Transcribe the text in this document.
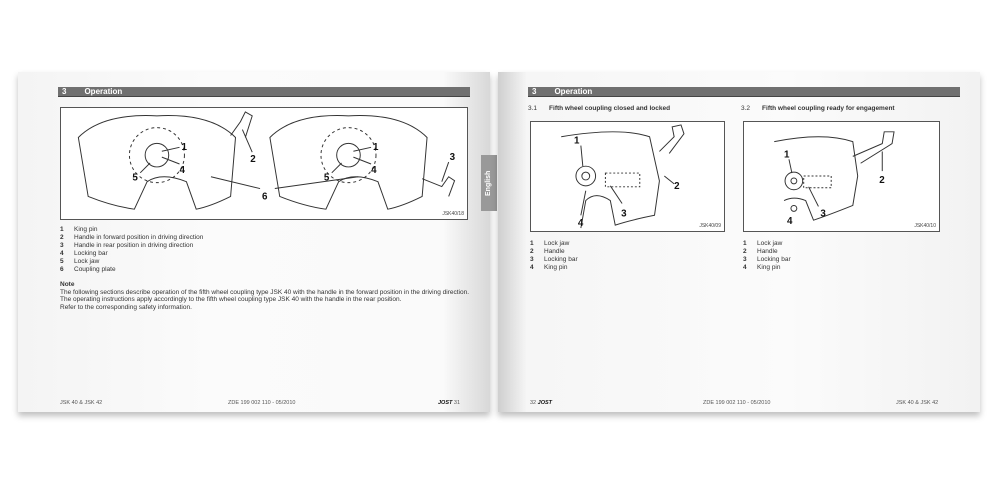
3 Operation
1	1
2	3
4	4
5	5
6
JSK40/18
1 King pin
2 Handle in forward position in driving direction
3 Handle in rear position in driving direction
4 Locking bar
5 Lock jaw
6 Coupling plate
Note
The following sections describe operation of the fifth wheel coupling type JSK 40 with the handle in the forward position in the driving direction.
The operating instructions apply accordingly to the fifth wheel coupling type JSK 40 with the handle in the rear position.
Refer to the corresponding safety information.
JSK 40 & JSK 42	ZDE 199 002 110 - 05/2010	JOST 31
English
3 Operation
3.1 Fifth wheel coupling closed and locked	3.2 Fifth wheel coupling ready for engagement
1
2
3
4	JSK40/09
1
2
3
4	JSK40/10
1 Lock jaw
2 Handle
3 Locking bar
4 King pin
1 Lock jaw
2 Handle
3 Locking bar
4 King pin
32 JOST	ZDE 199 002 110 - 05/2010	JSK 40 & JSK 42
